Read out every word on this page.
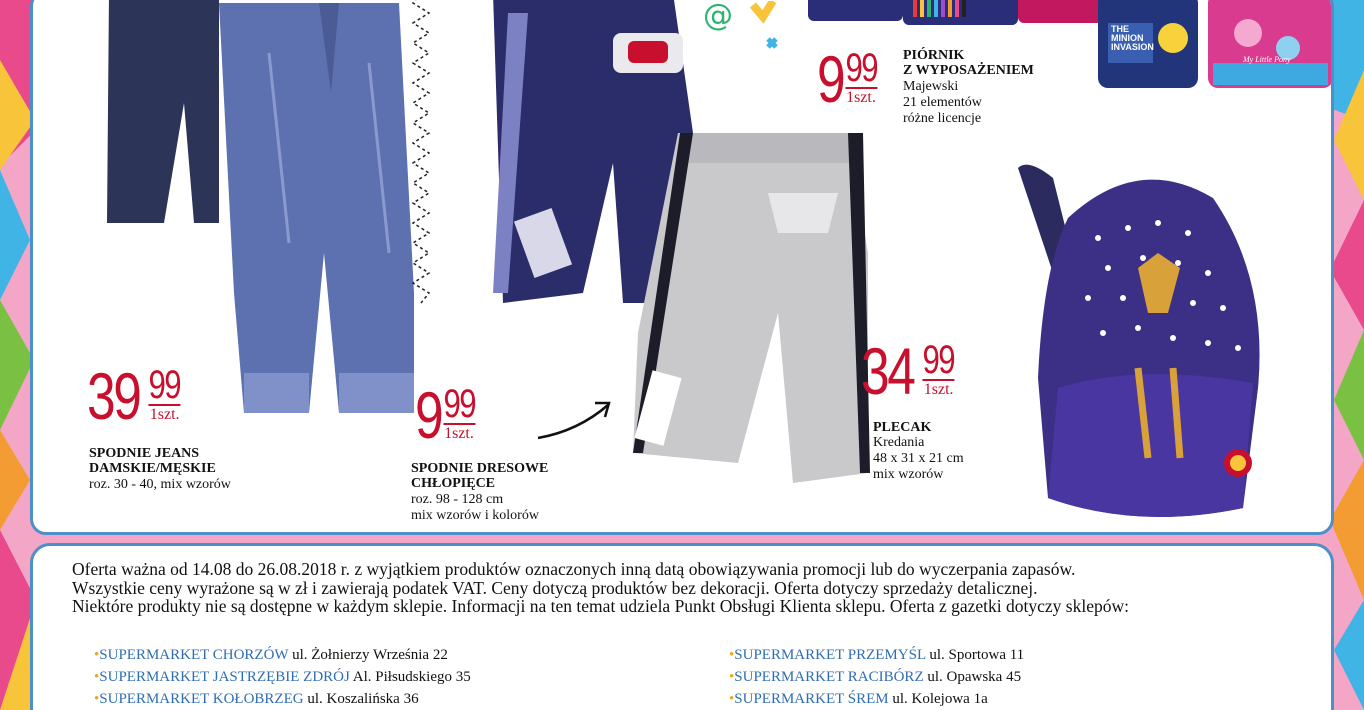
@	THE MINION INVASION
My Little Pony
39 99
1szt.
SPODNIE JEANS
DAMSKIE/MĘSKIE
roz. 30 - 40, mix wzorów
9 99
1szt.
SPODNIE DRESOWE
CHŁOPIĘCE
roz. 98 - 128 cm
mix wzorów i kolorów
9 99
1szt.
PIÓRNIK
Z WYPOSAŻENIEM
Majewski
21 elementów
różne licencje
34 99
1szt.
PLECAK
Kredania
48 x 31 x 21 cm
mix wzorów
Oferta ważna od 14.08 do 26.08.2018 r. z wyjątkiem produktów oznaczonych inną datą obowiązywania promocji lub do wyczerpania zapasów.
Wszystkie ceny wyrażone są w zł i zawierają podatek VAT. Ceny dotyczą produktów bez dekoracji. Oferta dotyczy sprzedaży detalicznej.
Niektóre produkty nie są dostępne w każdym sklepie. Informacji na ten temat udziela Punkt Obsługi Klienta sklepu. Oferta z gazetki dotyczy sklepów:
•SUPERMARKET CHORZÓW ul. Żołnierzy Września 22
•SUPERMARKET JASTRZĘBIE ZDRÓJ Al. Piłsudskiego 35
•SUPERMARKET KOŁOBRZEG ul. Koszalińska 36
•SUPERMARKET PRZEMYŚL ul. Sportowa 11
•SUPERMARKET RACIBÓRZ ul. Opawska 45
•SUPERMARKET ŚREM ul. Kolejowa 1a
